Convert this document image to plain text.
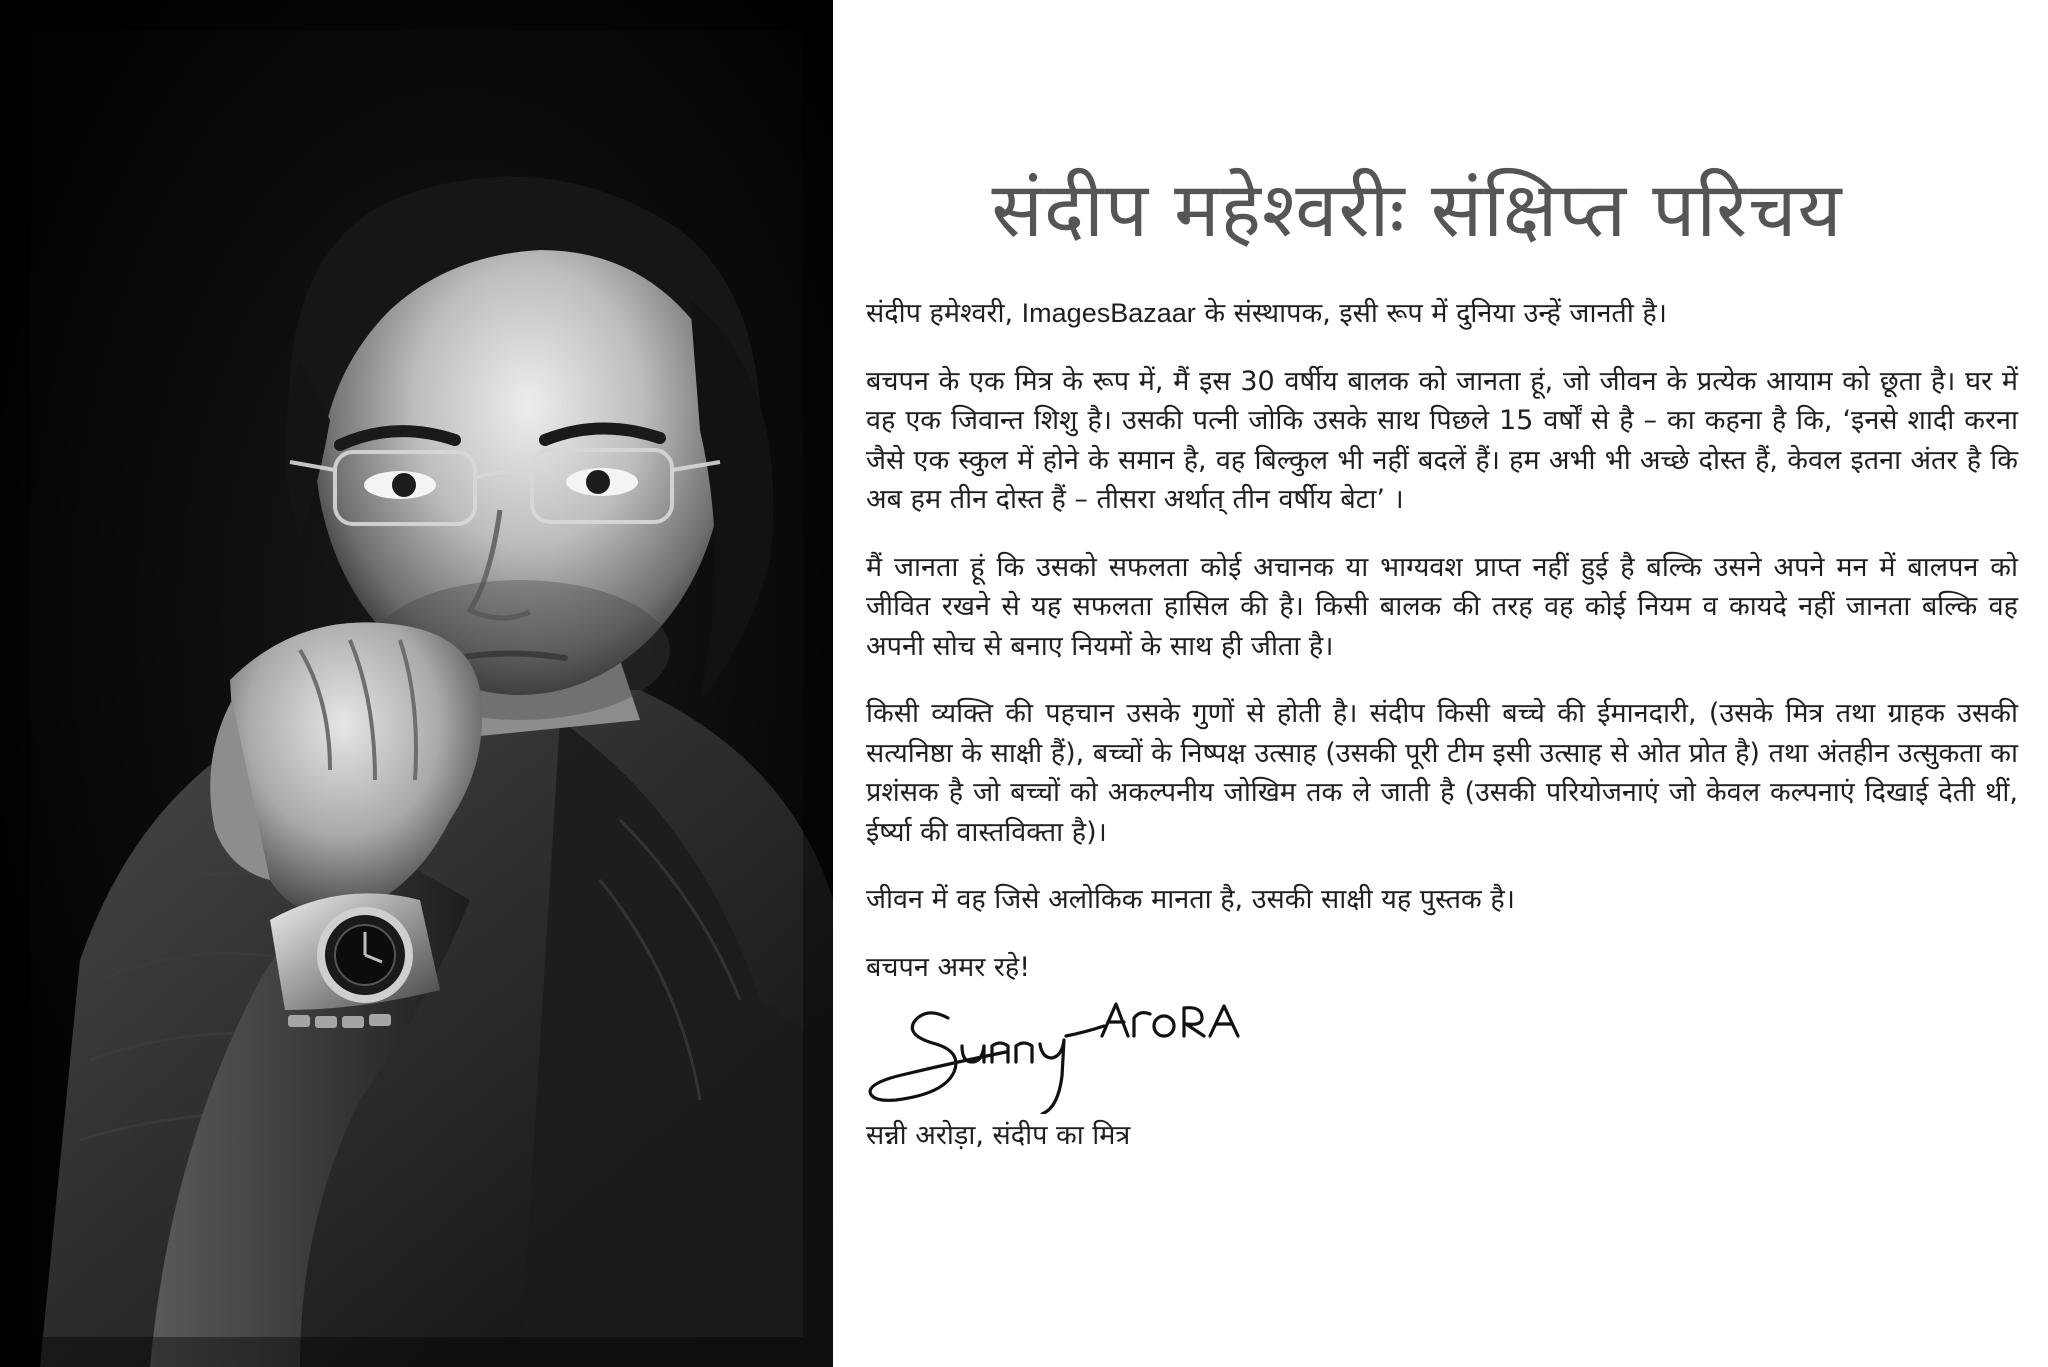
संदीप महेश्वरीः संक्षिप्त परिचय

संदीप हमेश्वरी, ImagesBazaar के संस्थापक, इसी रूप में दुनिया उन्हें जानती है।

बचपन के एक मित्र के रूप में, मैं इस 30 वर्षीय बालक को जानता हूं, जो जीवन के प्रत्येक आयाम को छूता है। घर में वह एक जिवान्त शिशु है। उसकी पत्नी जोकि उसके साथ पिछले 15 वर्षों से है – का कहना है कि, ‘इनसे शादी करना जैसे एक स्कुल में होने के समान है, वह बिल्कुल भी नहीं बदलें हैं। हम अभी भी अच्छे दोस्त हैं, केवल इतना अंतर है कि अब हम तीन दोस्त हैं – तीसरा अर्थात् तीन वर्षीय बेटा’ ।

मैं जानता हूं कि उसको सफलता कोई अचानक या भाग्यवश प्राप्त नहीं हुई है बल्कि उसने अपने मन में बालपन को जीवित रखने से यह सफलता हासिल की है। किसी बालक की तरह वह कोई नियम व कायदे नहीं जानता बल्कि वह अपनी सोच से बनाए नियमों के साथ ही जीता है।

किसी व्यक्ति की पहचान उसके गुणों से होती है। संदीप किसी बच्चे की ईमानदारी, (उसके मित्र तथा ग्राहक उसकी सत्यनिष्ठा के साक्षी हैं), बच्चों के निष्पक्ष उत्साह (उसकी पूरी टीम इसी उत्साह से ओत प्रोत है) तथा अंतहीन उत्सुकता का प्रशंसक है जो बच्चों को अकल्पनीय जोखिम तक ले जाती है (उसकी परियोजनाएं जो केवल कल्पनाएं दिखाई देती थीं, ईर्ष्या की वास्तविक्ता है)।

जीवन में वह जिसे अलोकिक मानता है, उसकी साक्षी यह पुस्तक है।

बचपन अमर रहे!

सन्नी अरोड़ा, संदीप का मित्र
